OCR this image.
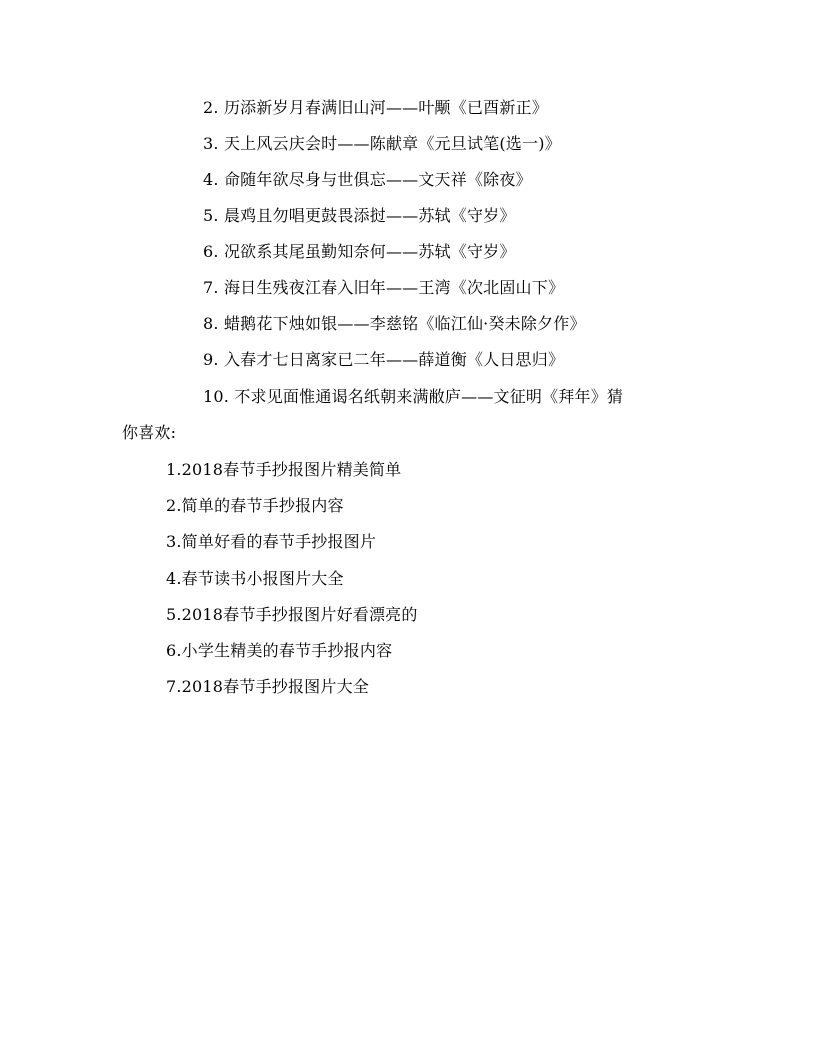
2. 历添新岁月春满旧山河——叶颙《已酉新正》
3. 天上风云庆会时——陈献章《元旦试笔(选一)》
4. 命随年欲尽身与世俱忘——文天祥《除夜》
5. 晨鸡且勿唱更鼓畏添挝——苏轼《守岁》
6. 况欲系其尾虽勤知奈何——苏轼《守岁》
7. 海日生残夜江春入旧年——王湾《次北固山下》
8. 蜡鹅花下烛如银——李慈铭《临江仙·癸未除夕作》
9. 入春才七日离家已二年——薛道衡《人日思归》
10. 不求见面惟通谒名纸朝来满敝庐——文征明《拜年》猜
你喜欢:
1.2018春节手抄报图片精美简单
2.简单的春节手抄报内容
3.简单好看的春节手抄报图片
4.春节读书小报图片大全
5.2018春节手抄报图片好看漂亮的
6.小学生精美的春节手抄报内容
7.2018春节手抄报图片大全
